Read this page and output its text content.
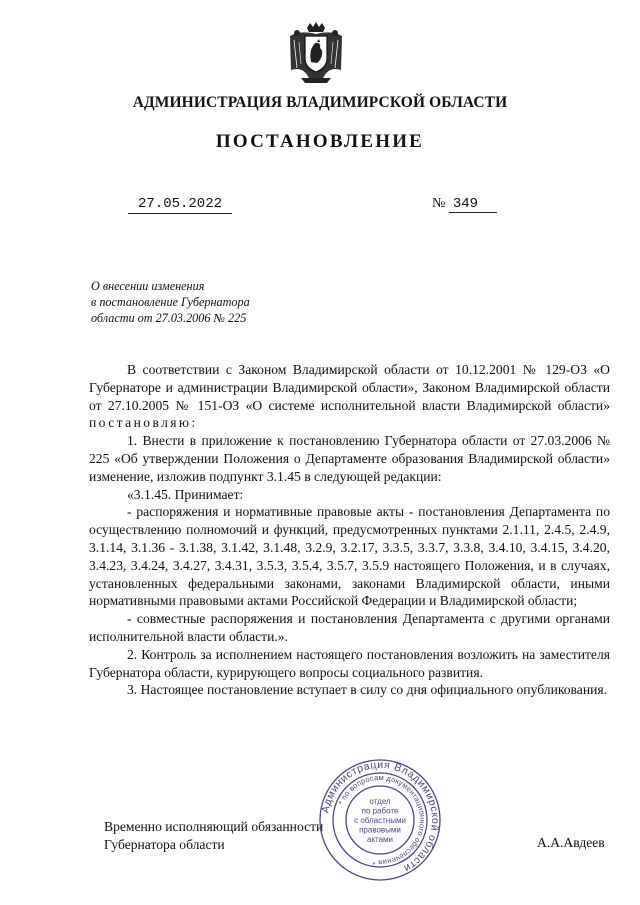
АДМИНИСТРАЦИЯ ВЛАДИМИРСКОЙ ОБЛАСТИ
ПОСТАНОВЛЕНИЕ
27.05.2022	№ 349
О внесении изменения
в постановление Губернатора
области от 27.03.2006 № 225

В соответствии с Законом Владимирской области от 10.12.2001 № 129-ОЗ «О Губернаторе и администрации Владимирской области», Законом Владимирской области от 27.10.2005 № 151-ОЗ «О системе исполнительной власти Владимирской области» постановляю:

1. Внести в приложение к постановлению Губернатора области от 27.03.2006 № 225 «Об утверждении Положения о Департаменте образования Владимирской области» изменение, изложив подпункт 3.1.45 в следующей редакции:

«3.1.45. Принимает:

- распоряжения и нормативные правовые акты - постановления Департамента по осуществлению полномочий и функций, предусмотренных пунктами 2.1.11, 2.4.5, 2.4.9, 3.1.14, 3.1.36 - 3.1.38, 3.1.42, 3.1.48, 3.2.9, 3.2.17, 3.3.5, 3.3.7, 3.3.8, 3.4.10, 3.4.15, 3.4.20, 3.4.23, 3.4.24, 3.4.27, 3.4.31, 3.5.3, 3.5.4, 3.5.7, 3.5.9 настоящего Положения, и в случаях, установленных федеральными законами, законами Владимирской области, иными нормативными правовыми актами Российской Федерации и Владимирской области;

- совместные распоряжения и постановления Департамента с другими органами исполнительной власти области.».

2. Контроль за исполнением настоящего постановления возложить на заместителя Губернатора области, курирующего вопросы социального развития.

3. Настоящее постановление вступает в силу со дня официального опубликования.

Временно исполняющий обязанности
Губернатора области	А.А.Авдеев
Администрация Владимирской области
* по вопросам документационного обеспечения *
отдел
по работе
с областными
правовыми
актами
